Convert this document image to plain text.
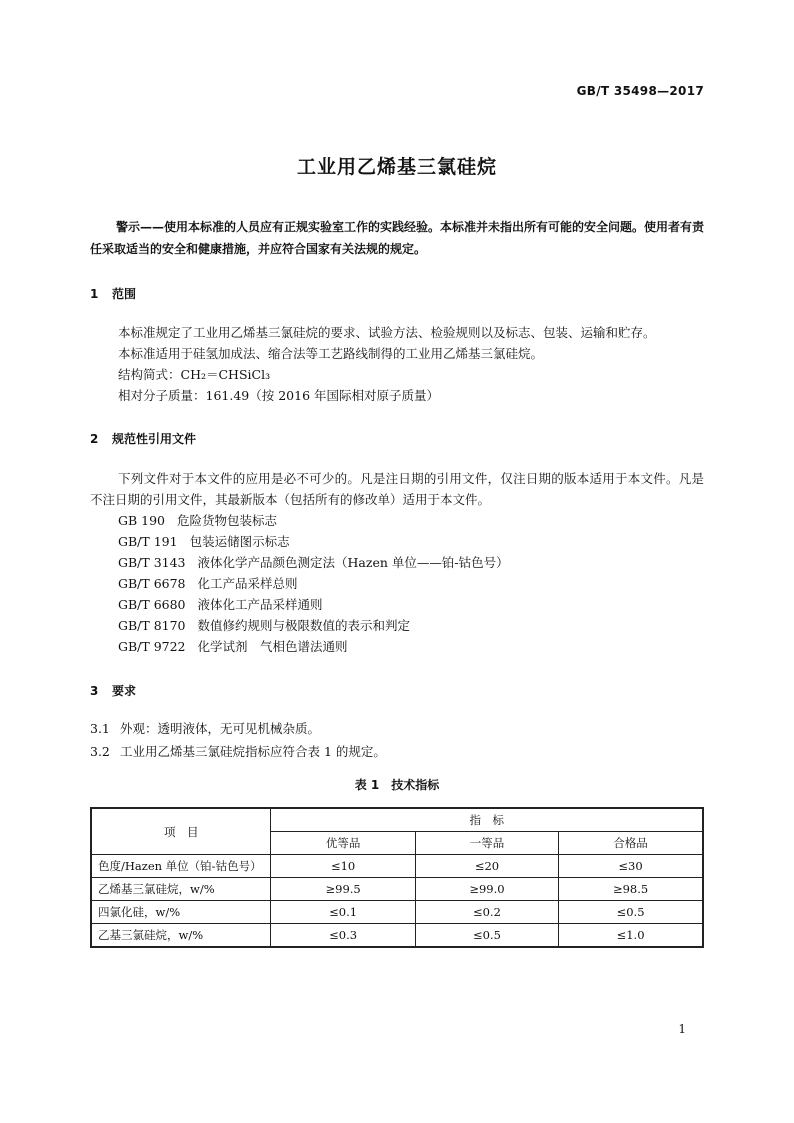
GB/T 35498—2017
工业用乙烯基三氯硅烷
警示——使用本标准的人员应有正规实验室工作的实践经验。本标准并未指出所有可能的安全问题。使用者有责任采取适当的安全和健康措施，并应符合国家有关法规的规定。
1 范围
本标准规定了工业用乙烯基三氯硅烷的要求、试验方法、检验规则以及标志、包装、运输和贮存。
本标准适用于硅氢加成法、缩合法等工艺路线制得的工业用乙烯基三氯硅烷。
结构简式：CH₂＝CHSiCl₃
相对分子质量：161.49（按 2016 年国际相对原子质量）
2 规范性引用文件
下列文件对于本文件的应用是必不可少的。凡是注日期的引用文件，仅注日期的版本适用于本文件。凡是不注日期的引用文件，其最新版本（包括所有的修改单）适用于本文件。
GB 190 危险货物包装标志
GB/T 191 包装运储图示标志
GB/T 3143 液体化学产品颜色测定法（Hazen 单位——铂-钴色号）
GB/T 6678 化工产品采样总则
GB/T 6680 液体化工产品采样通则
GB/T 8170 数值修约规则与极限数值的表示和判定
GB/T 9722 化学试剂　气相色谱法通则
3 要求
3.1 外观：透明液体，无可见机械杂质。
3.2 工业用乙烯基三氯硅烷指标应符合表 1 的规定。
表 1　技术指标
项　目	指　标		
	优等品	一等品	合格品
色度/Hazen 单位（铂-钴色号）	≤10	≤20	≤30
乙烯基三氯硅烷，w/%	≥99.5	≥99.0	≥98.5
四氯化硅，w/%	≤0.1	≤0.2	≤0.5
乙基三氯硅烷，w/%	≤0.3	≤0.5	≤1.0
1
